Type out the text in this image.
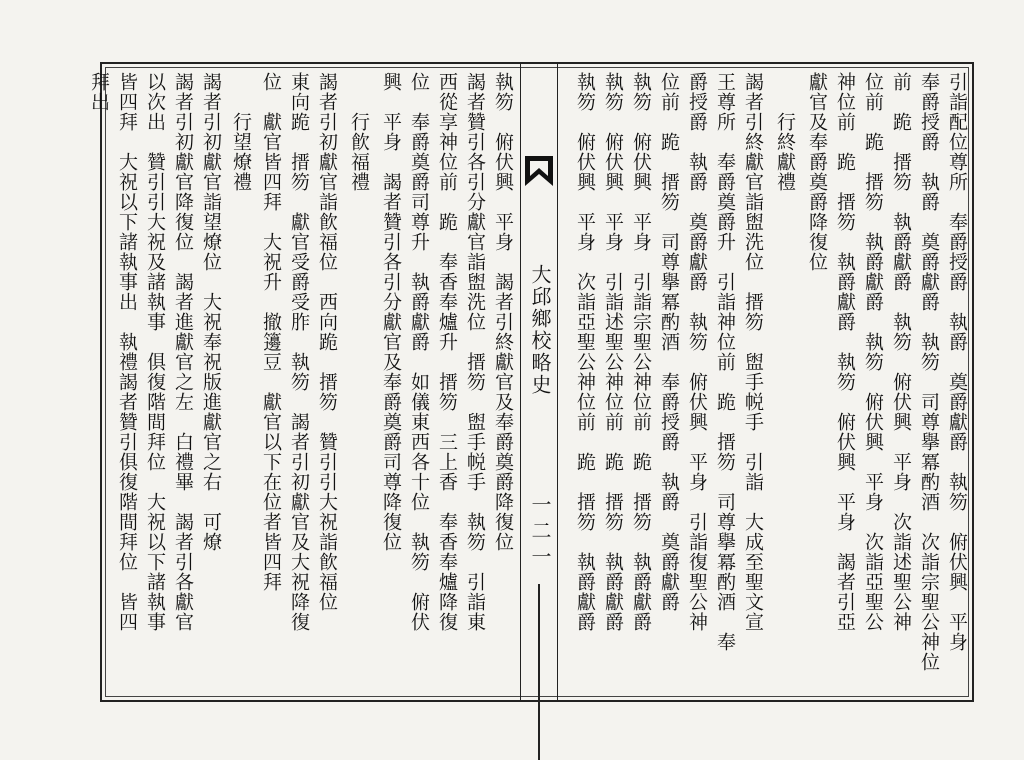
引詣配位尊所　奉爵授爵　執爵　奠爵獻爵　執笏　俯伏興　平身
奉爵授爵　執爵　奠爵獻爵　執笏　司尊擧冪酌酒　次詣宗聖公神位
前　跪　搢笏　執爵獻爵　執笏　俯伏興　平身　次詣述聖公神
位前　跪　搢笏　執爵獻爵　執笏　俯伏興　平身　次詣亞聖公
神位前　跪　搢笏　執爵獻爵　執笏　俯伏興　平身　謁者引亞
獻官及奉爵奠爵降復位
行終獻禮
謁者引終獻官詣盥洗位　搢笏　盥手帨手　引詣　大成至聖文宣
王尊所　奉爵奠爵升　引詣神位前　跪　搢笏　司尊擧冪酌酒　奉
爵授爵　執爵　奠爵獻爵　執笏　俯伏興　平身　引詣復聖公神
位前　跪　搢笏　司尊擧冪酌酒　奉爵授爵　執爵　奠爵獻爵
執笏　俯伏興　平身　引詣宗聖公神位前　跪　搢笏　執爵獻爵
執笏　俯伏興　平身　引詣述聖公神位前　跪　搢笏　執爵獻爵
執笏　俯伏興　平身　次詣亞聖公神位前　跪　搢笏　執爵獻爵
大邱鄉校略史
一二一
執笏　俯伏興　平身　謁者引終獻官及奉爵奠爵降復位
謁者贊引各引分獻官詣盥洗位　搢笏　盥手帨手　執笏　引詣東
西從享神位前　跪　奉香奉爐升　搢笏　三上香　奉香奉爐降復
位　奉爵奠爵司尊升　執爵獻爵　如儀東西各十位　執笏　俯伏
興　平身　謁者贊引各引分獻官及奉爵奠爵司尊降復位
行飮福禮
謁者引初獻官詣飮福位　西向跪　搢笏　贊引引大祝詣飮福位
東向跪　搢笏　獻官受爵受胙　執笏　謁者引初獻官及大祝降復
位　獻官皆四拜　大祝升　撤籩豆　獻官以下在位者皆四拜
行望燎禮
謁者引初獻官詣望燎位　大祝奉祝版進獻官之右　可燎
謁者引初獻官降復位　謁者進獻官之左　白禮畢　謁者引各獻官
以次出　贊引引大祝及諸執事　俱復階間拜位　大祝以下諸執事
皆四拜　大祝以下諸執事出　執禮謁者贊引俱復階間拜位　皆四
拜出
